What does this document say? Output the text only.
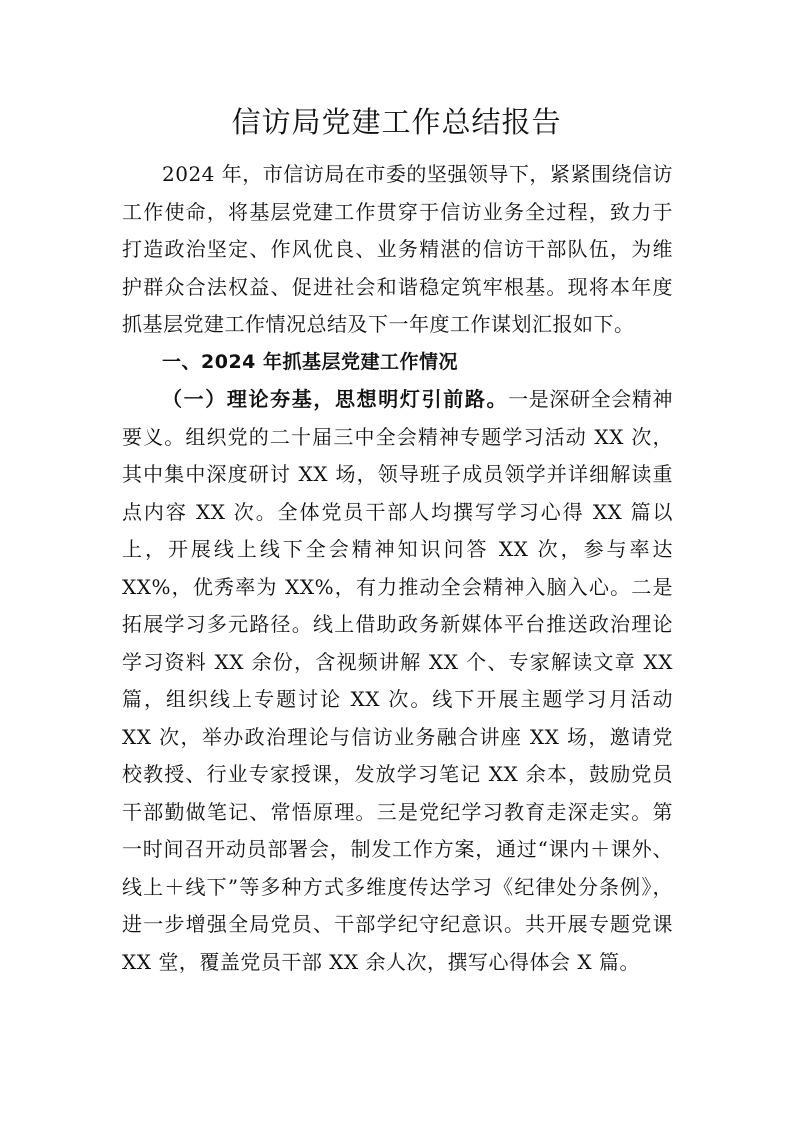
信访局党建工作总结报告

2024 年，市信访局在市委的坚强领导下，紧紧围绕信访工作使命，将基层党建工作贯穿于信访业务全过程，致力于打造政治坚定、作风优良、业务精湛的信访干部队伍，为维护群众合法权益、促进社会和谐稳定筑牢根基。现将本年度抓基层党建工作情况总结及下一年度工作谋划汇报如下。

一、2024 年抓基层党建工作情况

（一）理论夯基，思想明灯引前路。一是深研全会精神要义。组织党的二十届三中全会精神专题学习活动 XX 次，其中集中深度研讨 XX 场，领导班子成员领学并详细解读重点内容 XX 次。全体党员干部人均撰写学习心得 XX 篇以上，开展线上线下全会精神知识问答 XX 次，参与率达 XX%，优秀率为 XX%，有力推动全会精神入脑入心。二是拓展学习多元路径。线上借助政务新媒体平台推送政治理论学习资料 XX 余份，含视频讲解 XX 个、专家解读文章 XX 篇，组织线上专题讨论 XX 次。线下开展主题学习月活动 XX 次，举办政治理论与信访业务融合讲座 XX 场，邀请党校教授、行业专家授课，发放学习笔记 XX 余本，鼓励党员干部勤做笔记、常悟原理。三是党纪学习教育走深走实。第一时间召开动员部署会，制发工作方案，通过“课内＋课外、线上＋线下”等多种方式多维度传达学习《纪律处分条例》，进一步增强全局党员、干部学纪守纪意识。共开展专题党课 XX 堂，覆盖党员干部 XX 余人次，撰写心得体会 X 篇。
